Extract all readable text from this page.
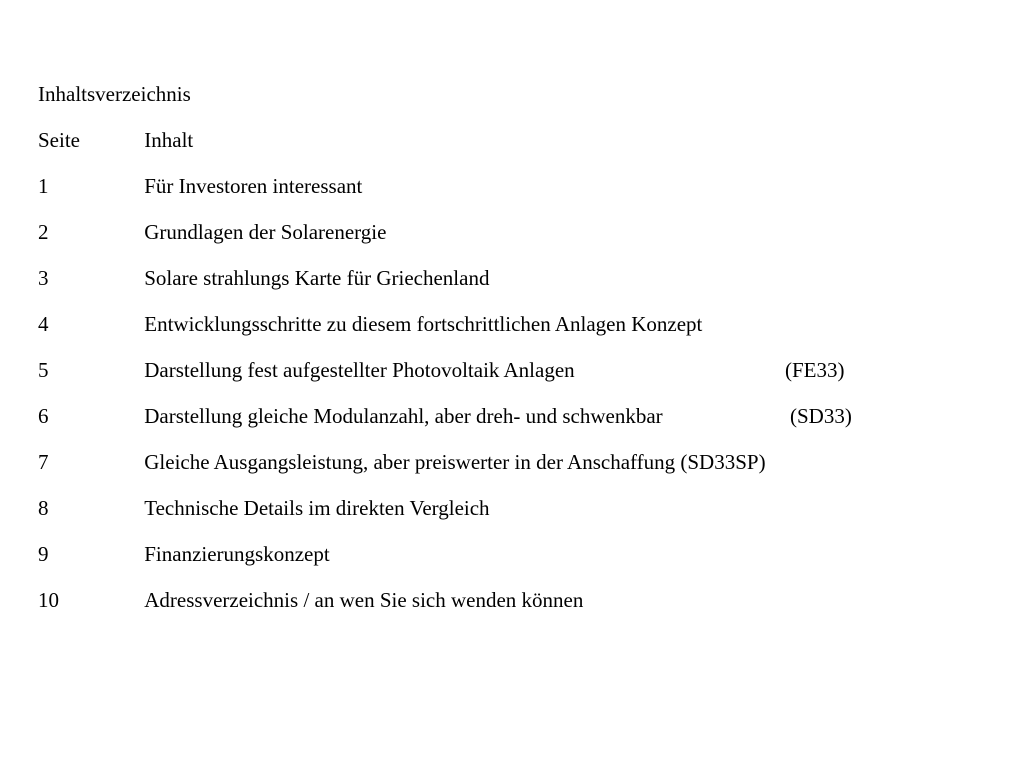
Inhaltsverzeichnis
Seite	Inhalt
1	Für Investoren interessant
2	Grundlagen der Solarenergie
3	Solare strahlungs Karte für Griechenland
4	Entwicklungsschritte zu diesem fortschrittlichen Anlagen Konzept
5	Darstellung fest aufgestellter Photovoltaik Anlagen	(FE33)
6	Darstellung gleiche Modulanzahl, aber dreh- und schwenkbar	(SD33)
7	Gleiche Ausgangsleistung, aber preiswerter in der Anschaffung (SD33SP)
8	Technische Details im direkten Vergleich
9	Finanzierungskonzept
10	Adressverzeichnis / an wen Sie sich wenden können
